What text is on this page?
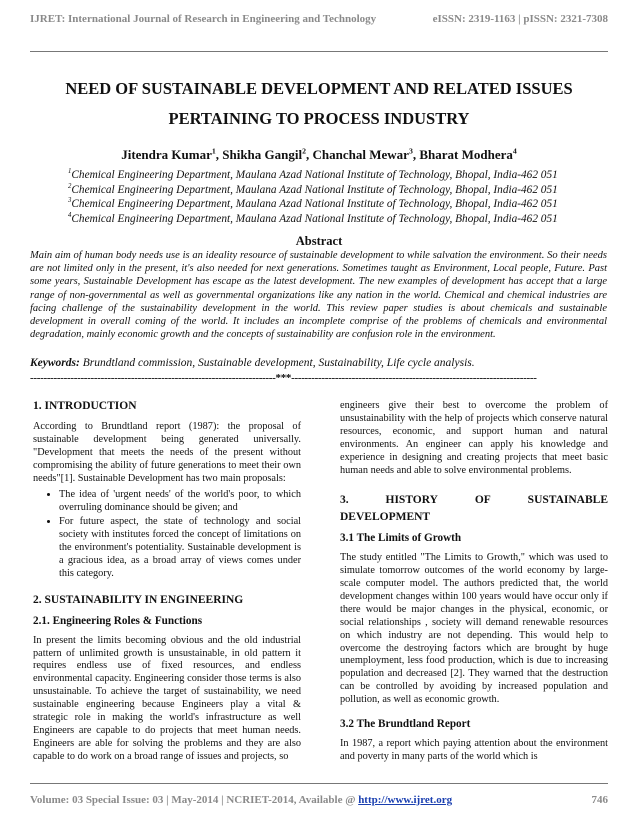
IJRET: International Journal of Research in Engineering and Technology	eISSN: 2319-1163 | pISSN: 2321-7308
NEED OF SUSTAINABLE DEVELOPMENT AND RELATED ISSUES
PERTAINING TO PROCESS INDUSTRY
Jitendra Kumar$^1$, Shikha Gangil$^2$, Chanchal Mewar$^3$, Bharat Modhera$^4$
$^1$Chemical Engineering Department, Maulana Azad National Institute of Technology, Bhopal, India-462 051
$^2$Chemical Engineering Department, Maulana Azad National Institute of Technology, Bhopal, India-462 051
$^3$Chemical Engineering Department, Maulana Azad National Institute of Technology, Bhopal, India-462 051
$^4$Chemical Engineering Department, Maulana Azad National Institute of Technology, Bhopal, India-462 051
Abstract
Main aim of human body needs use is an ideality resource of sustainable development to while salvation the environment. So their needs are not limited only in the present, it's also needed for next generations. Sometimes taught as Environment, Local people, Future. Past some years, Sustainable Development has escape as the latest development. The new examples of development has accept that a large range of non-governmental as well as governmental organizations like any nation in the world. Chemical and chemical industries are facing challenge of the sustainability development in the world. This review paper studies is about chemicals and sustainable development in overall coming of the world. It includes an incomplete comprise of the problems of chemicals and environmental degradation, mainly economic growth and the concepts of sustainability are confusion role in the environment.
Keywords: Brundtland commission, Sustainable development, Sustainability, Life cycle analysis.
-------------------------------------------------------------------------***-------------------------------------------------------------------------
1. INTRODUCTION

According to Brundtland report (1987): the proposal of sustainable development being generated universally. "Development that meets the needs of the present without compromising the ability of future generations to meet their own needs"[1]. Sustainable Development has two main proposals:

• The idea of 'urgent needs' of the world's poor, to which overruling dominance should be given; and
• For future aspect, the state of technology and social society with institutes forced the concept of limitations on the environment's potentiality. Sustainable development is a gracious idea, as a broad array of views comes under this category.
2. SUSTAINABILITY IN ENGINEERING
2.1. Engineering Roles & Functions

In present the limits becoming obvious and the old industrial pattern of unlimited growth is unsustainable, in old pattern it requires endless use of fixed resources, and endless environmental capacity. Engineering consider those terms is also unsustainable. To achieve the target of sustainability, we need sustainable engineering because Engineers play a vital & strategic role in making the world's infrastructure as well Engineers are capable to do projects that meet human needs. Engineers are able for solving the problems and they are also capable to do work on a broad range of issues and projects, so

engineers give their best to overcome the problem of unsustainability with the help of projects which conserve natural resources, economic, and support human and natural environments. An engineer can apply his knowledge and experience in designing and creating projects that meet basic human needs and able to solve environmental problems.

3.	HISTORY	OF	SUSTAINABLE
DEVELOPMENT
3.1 The Limits of Growth

The study entitled "The Limits to Growth," which was used to simulate tomorrow outcomes of the world economy by large-scale computer model. The authors predicted that, the world development changes within 100 years would have occur only if there would be major changes in the physical, economic, or social relationships , society will demand renewable resources on which industry are not depending. This would help to overcome the destroying factors which are brought by huge unemployment, less food production, which is due to increasing population and decreased [2]. They warned that the destruction can be controlled by avoiding by increased population and pollution, as well as economic growth.

3.2 The Brundtland Report

In 1987, a report which paying attention about the environment and poverty in many parts of the world which is

Volume: 03 Special Issue: 03 | May-2014 | NCRIET-2014, Available @ http://www.ijret.org	746
